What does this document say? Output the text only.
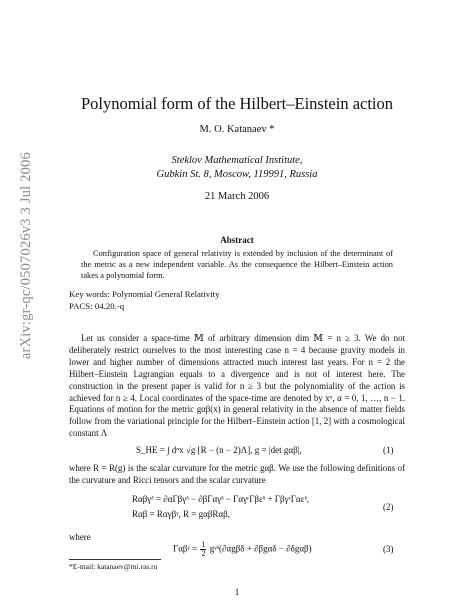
arXiv:gr-qc/0507026v3 3 Jul 2006
Polynomial form of the Hilbert–Einstein action
M. O. Katanaev *
Steklov Mathematical Institute,
Gubkin St. 8, Moscow, 119991, Russia
21 March 2006
Abstract
Configuration space of general relativity is extended by inclusion of the determinant of the metric as a new independent variable. As the consequence the Hilbert–Einstein action takes a polynomial form.
Key words: Polynomial General Relativity
PACS: 04.20.-q
Let us consider a space-time 𝕄 of arbitrary dimension dim 𝕄 = n ≥ 3. We do not deliberately restrict ourselves to the most interesting case n = 4 because gravity models in lower and higher number of dimensions attracted much interest last years. For n = 2 the Hilbert–Einstein Lagrangian equals to a divergence and is not of interest here. The construction in the present paper is valid for n ≥ 3 but the polynomiality of the action is achieved for n ≥ 4. Local coordinates of the space-time are denoted by xᵅ, α = 0, 1, …, n − 1. Equations of motion for the metric gαβ(x) in general relativity in the absence of matter fields follow from the variational principle for the Hilbert–Einstein action [1, 2] with a cosmological constant Λ
S_HE = ∫ dⁿx √g [R − (n − 2)Λ], g = |det gαβ|,	(1)
where R = R(g) is the scalar curvature for the metric gαβ. We use the following definitions of the curvature and Ricci tensors and the scalar curvature
Rαβγᵟ = ∂αΓβγᵟ − ∂βΓαγᵟ − ΓαγᵋΓβεᵟ + ΓβγᵋΓαεᵟ,
Rαβ = Rαγβᵞ, R = gαβRαβ,
(2)
where
Γαβᵞ = $\frac{1}{2}$ gᵞᵟ(∂αgβδ + ∂βgαδ − ∂δgαβ)	(3)
*E-mail: katanaev@mi.ras.ru
1
